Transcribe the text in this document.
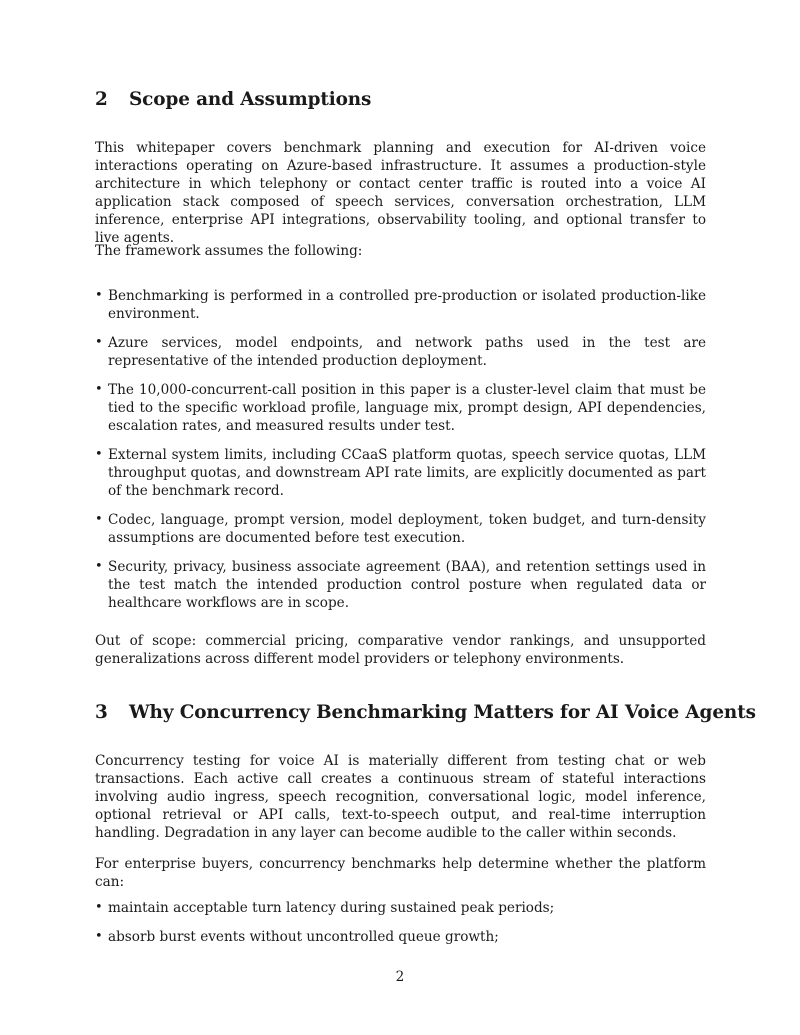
2 Scope and Assumptions

This whitepaper covers benchmark planning and execution for AI-driven voice interactions operating on Azure-based infrastructure. It assumes a production-style architecture in which telephony or contact center traffic is routed into a voice AI application stack composed of speech services, conversation orchestration, LLM inference, enterprise API integrations, observability tooling, and optional transfer to live agents.

The framework assumes the following:

• Benchmarking is performed in a controlled pre-production or isolated production-like environment.
• Azure services, model endpoints, and network paths used in the test are representative of the intended production deployment.
• The 10,000-concurrent-call position in this paper is a cluster-level claim that must be tied to the specific workload profile, language mix, prompt design, API dependencies, escalation rates, and measured results under test.
• External system limits, including CCaaS platform quotas, speech service quotas, LLM throughput quotas, and downstream API rate limits, are explicitly documented as part of the benchmark record.
• Codec, language, prompt version, model deployment, token budget, and turn-density assumptions are documented before test execution.
• Security, privacy, business associate agreement (BAA), and retention settings used in the test match the intended production control posture when regulated data or healthcare workflows are in scope.

Out of scope: commercial pricing, comparative vendor rankings, and unsupported generalizations across different model providers or telephony environments.

3 Why Concurrency Benchmarking Matters for AI Voice Agents

Concurrency testing for voice AI is materially different from testing chat or web transactions. Each active call creates a continuous stream of stateful interactions involving audio ingress, speech recognition, conversational logic, model inference, optional retrieval or API calls, text-to-speech output, and real-time interruption handling. Degradation in any layer can become audible to the caller within seconds.

For enterprise buyers, concurrency benchmarks help determine whether the platform can:

• maintain acceptable turn latency during sustained peak periods;
• absorb burst events without uncontrolled queue growth;
2
